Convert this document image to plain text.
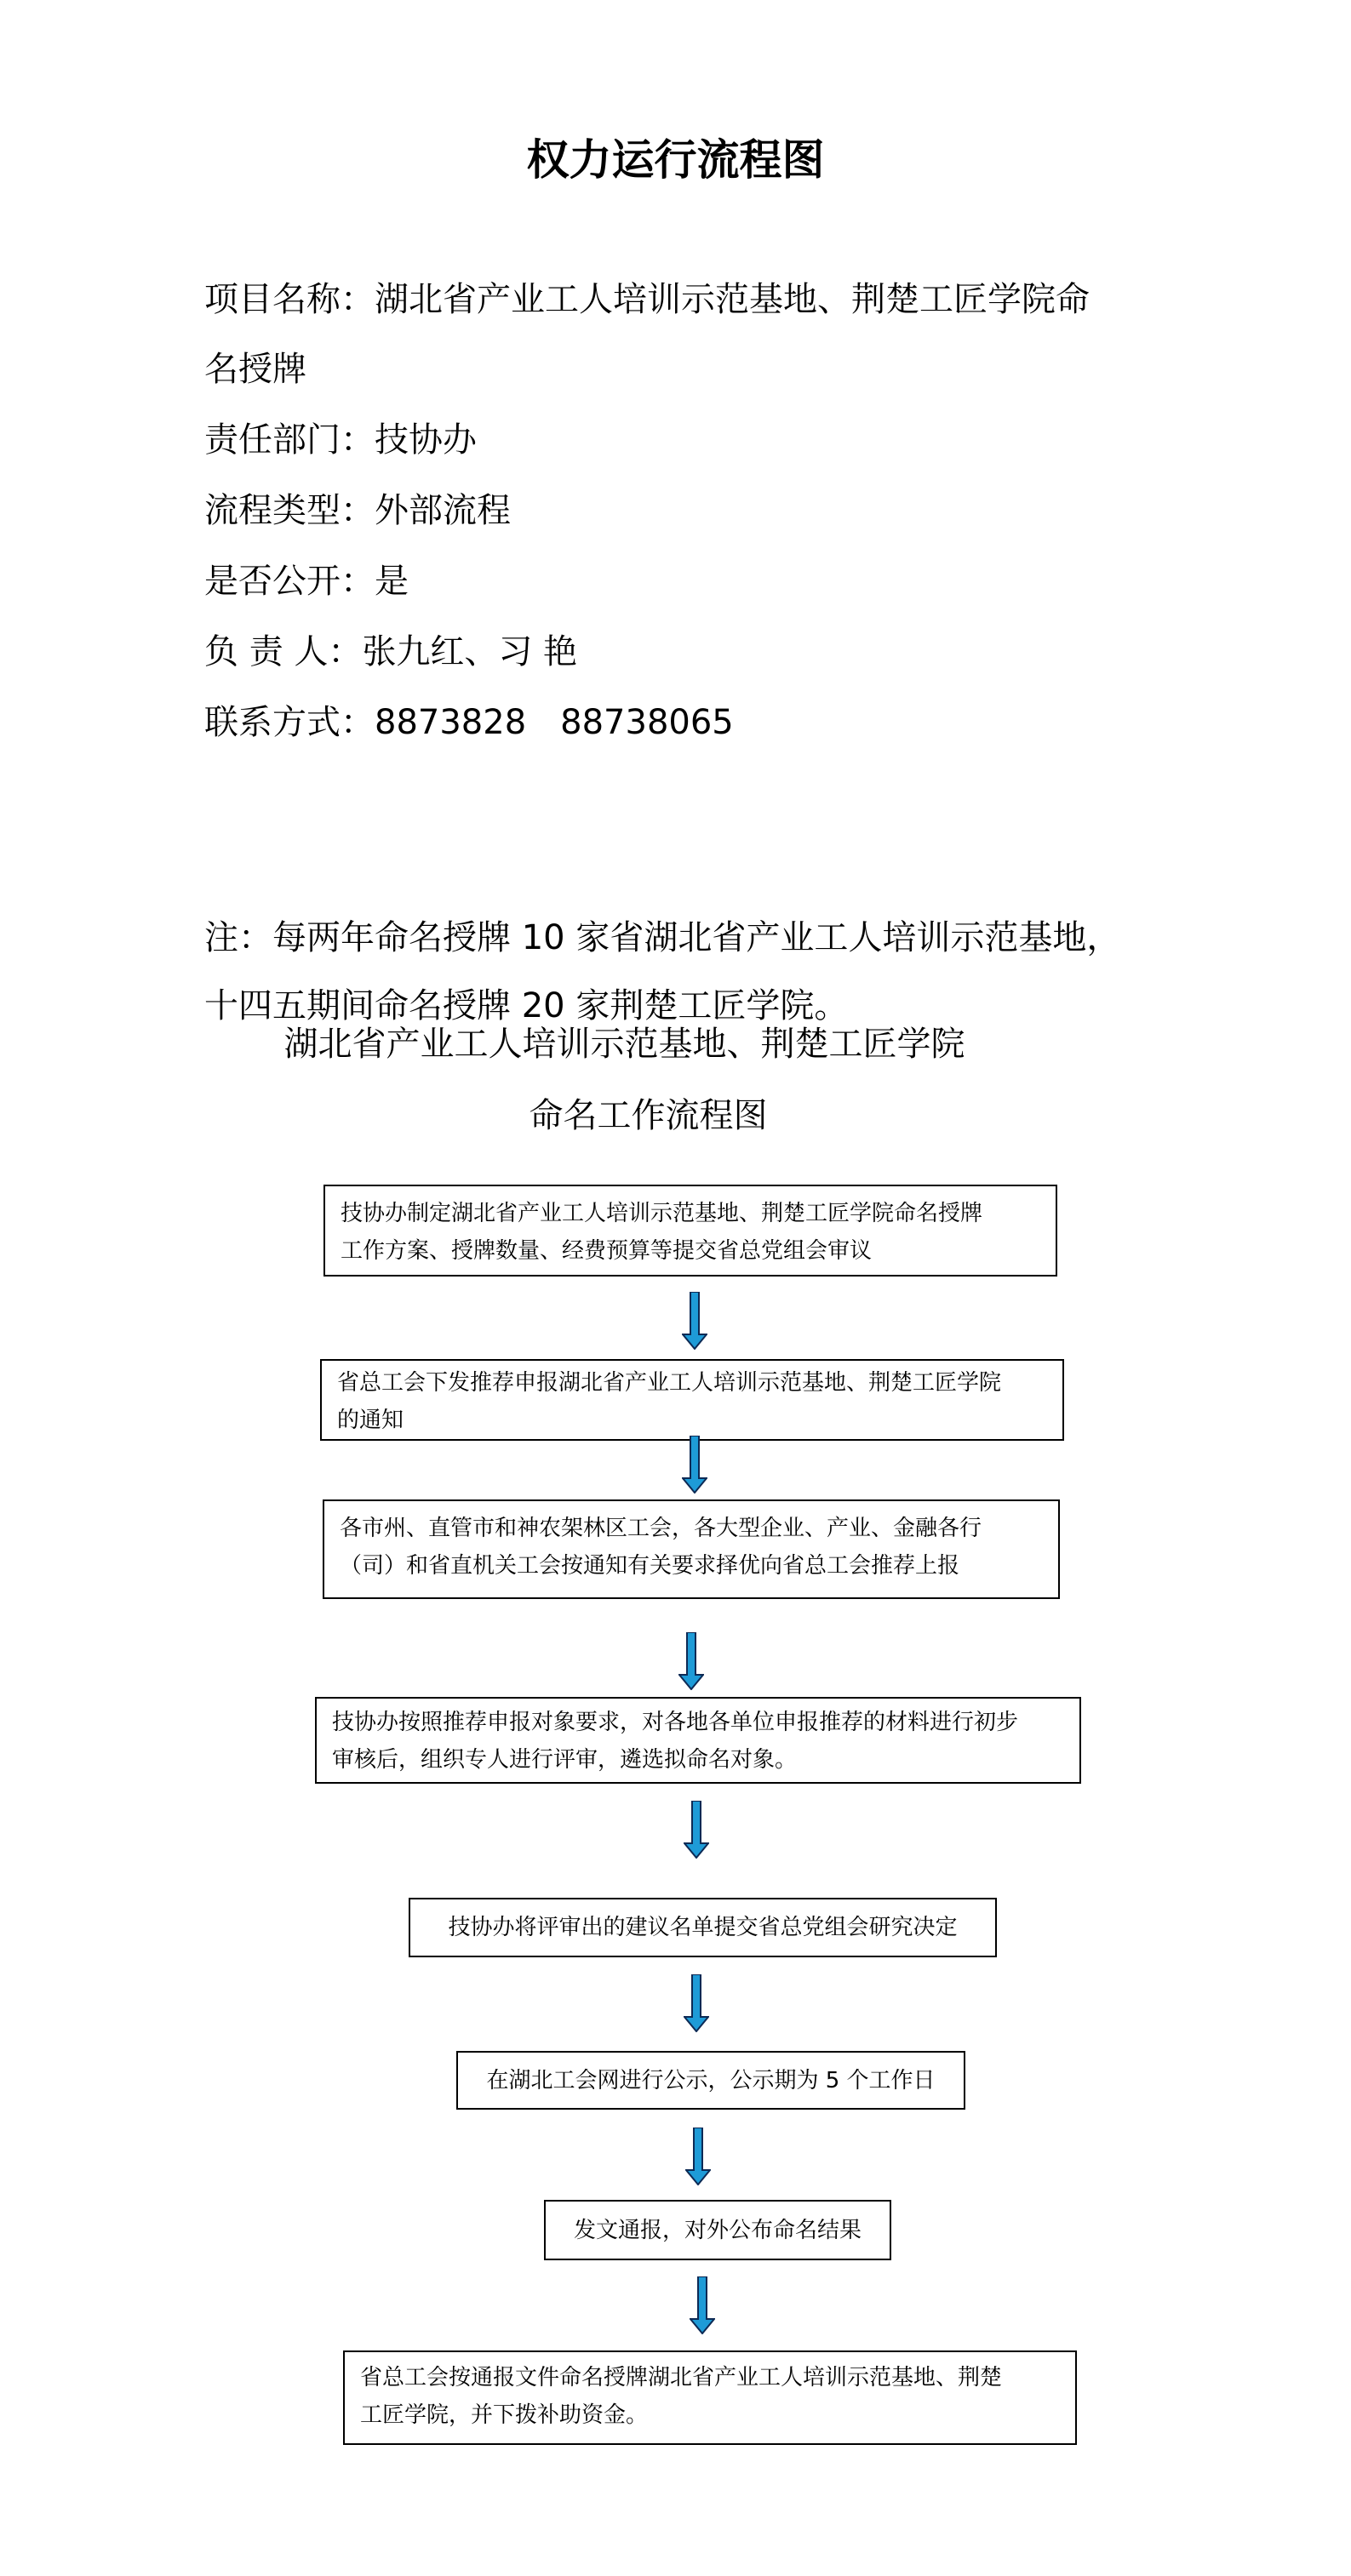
权力运行流程图
项目名称：湖北省产业工人培训示范基地、荆楚工匠学院命
名授牌
责任部门：技协办
流程类型：外部流程
是否公开：是
负 责 人：张九红、习 艳
联系方式：8873828　88738065
注：每两年命名授牌 10 家省湖北省产业工人培训示范基地，
十四五期间命名授牌 20 家荆楚工匠学院。
湖北省产业工人培训示范基地、荆楚工匠学院
命名工作流程图
技协办制定湖北省产业工人培训示范基地、荆楚工匠学院命名授牌
工作方案、授牌数量、经费预算等提交省总党组会审议
省总工会下发推荐申报湖北省产业工人培训示范基地、荆楚工匠学院
的通知
各市州、直管市和神农架林区工会，各大型企业、产业、金融各行
（司）和省直机关工会按通知有关要求择优向省总工会推荐上报
技协办按照推荐申报对象要求，对各地各单位申报推荐的材料进行初步
审核后，组织专人进行评审，遴选拟命名对象。
技协办将评审出的建议名单提交省总党组会研究决定
在湖北工会网进行公示，公示期为 5 个工作日
发文通报，对外公布命名结果
省总工会按通报文件命名授牌湖北省产业工人培训示范基地、荆楚
工匠学院，并下拨补助资金。
